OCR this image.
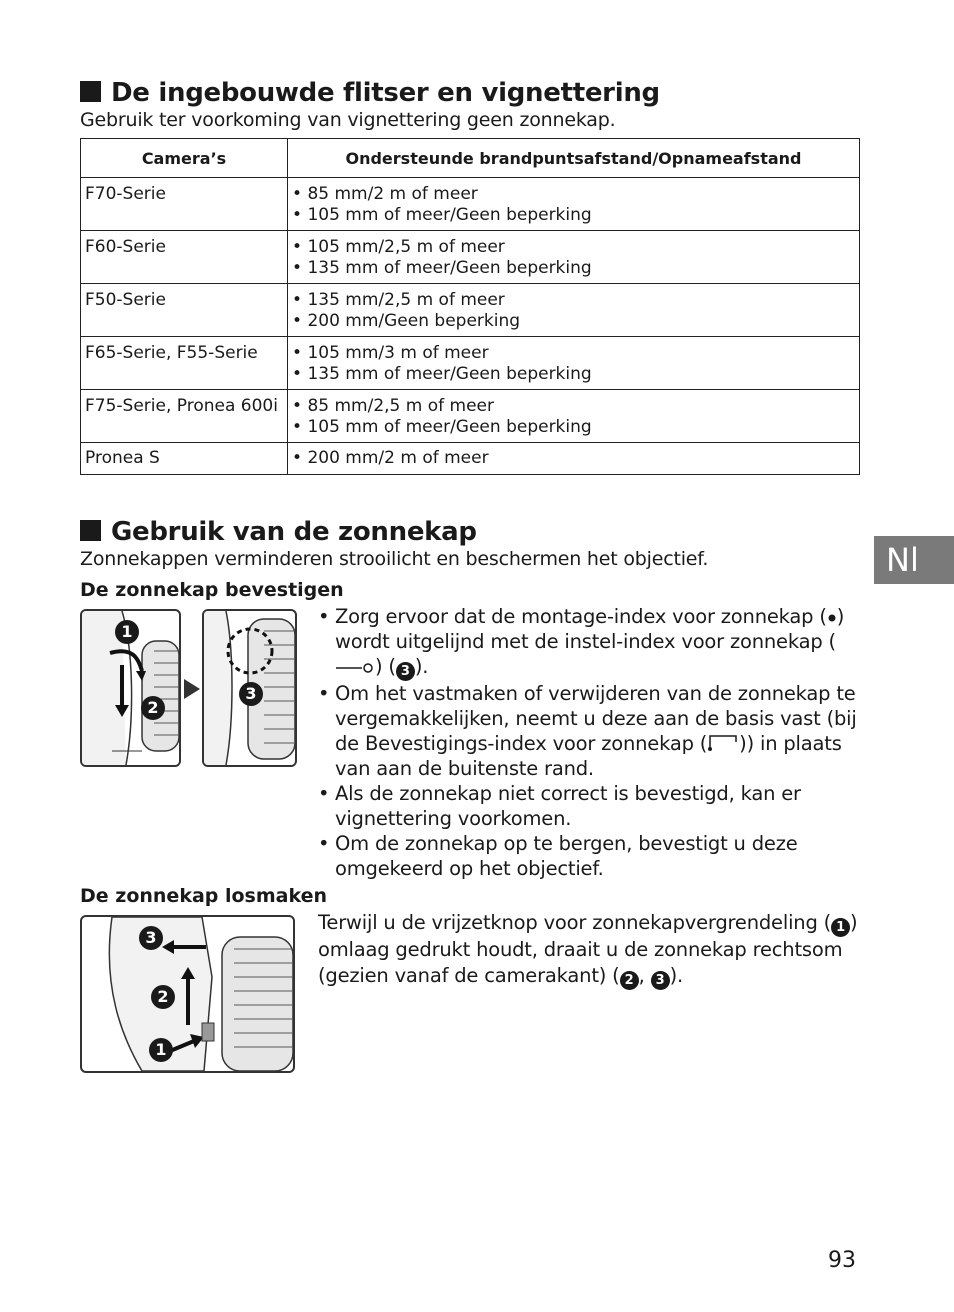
De ingebouwde flitser en vignettering

Gebruik ter voorkoming van vignettering geen zonnekap.

Camera’s	Ondersteunde brandpuntsafstand/Opnameafstand
F70-Serie	• 85 mm/2 m of meer
• 105 mm of meer/Geen beperking

F60-Serie	• 105 mm/2,5 m of meer
• 135 mm of meer/Geen beperking

F50-Serie	• 135 mm/2,5 m of meer
• 200 mm/Geen beperking

F65-Serie, F55-Serie	• 105 mm/3 m of meer
• 135 mm of meer/Geen beperking

F75-Serie, Pronea 600i	• 85 mm/2,5 m of meer
• 105 mm of meer/Geen beperking

Pronea S	• 200 mm/2 m of meer
Gebruik van de zonnekap

Zonnekappen verminderen strooilicht en beschermen het objectief.	Nl
De zonnekap bevestigen
1
2
3
• Zorg ervoor dat de montage-index voor zonnekap ( ) wordt uitgelijnd met de instel-index voor zonnekap () ( 3 ).
• Om het vastmaken of verwijderen van de zonnekap te vergemakkelijken, neemt u deze aan de basis vast (bij de Bevestigings-index voor zonnekap ( )) in plaats van aan de buitenste rand.
• Als de zonnekap niet correct is bevestigd, kan er vignettering voorkomen.
• Om de zonnekap op te bergen, bevestigt u deze omgekeerd op het objectief.
De zonnekap losmaken
3
2
1

Terwijl u de vrijzetknop voor zonnekapvergrendeling ( 1 ) omlaag gedrukt houdt, draait u de zonnekap rechtsom (gezien vanaf de camerakant) ( 2 , 3 ).

93
